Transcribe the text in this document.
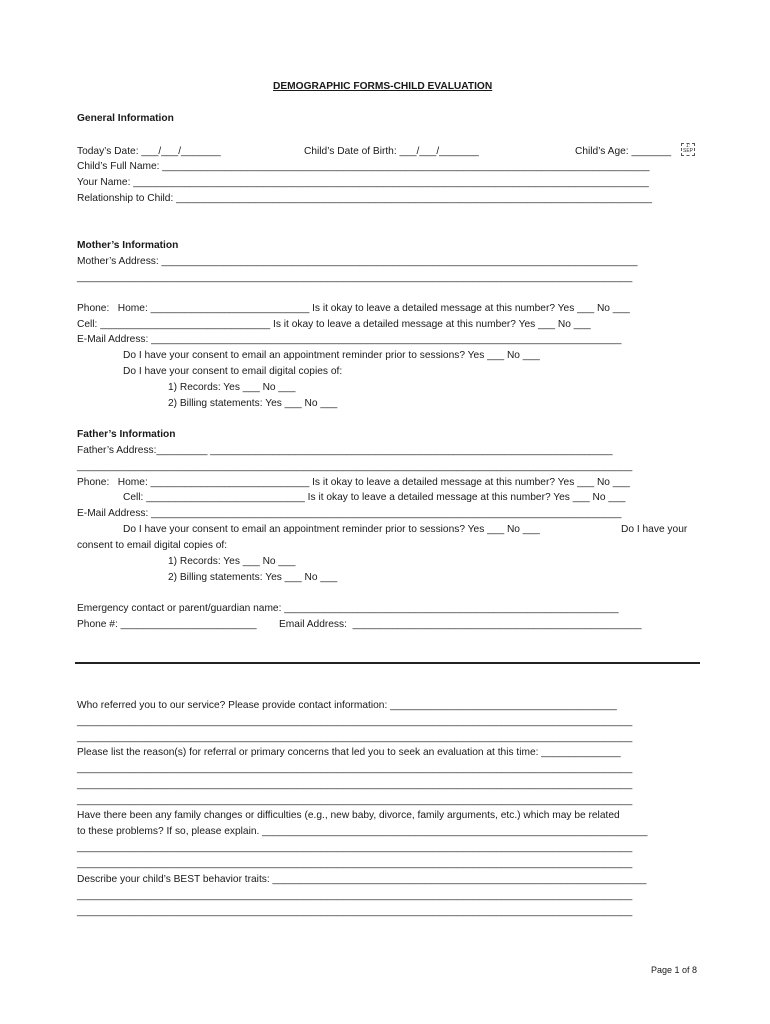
DEMOGRAPHIC FORMS-CHILD EVALUATION
General Information
Today’s Date: ___/___/_______	Child’s Date of Birth: ___/___/_______	Child’s Age: _______	1: SEP
Child’s Full Name: ______________________________________________________________________________________
Your Name: ___________________________________________________________________________________________
Relationship to Child: ____________________________________________________________________________________
Mother’s Information
Mother’s Address: ____________________________________________________________________________________
__________________________________________________________________________________________________
Phone:   Home: ____________________________ Is it okay to leave a detailed message at this number? Yes ___ No ___
Cell: ______________________________ Is it okay to leave a detailed message at this number? Yes ___ No ___
E-Mail Address: ___________________________________________________________________________________
Do I have your consent to email an appointment reminder prior to sessions? Yes ___ No ___
Do I have your consent to email digital copies of:
1) Records: Yes ___ No ___
2) Billing statements: Yes ___ No ___
Father’s Information
Father’s Address:_________ _______________________________________________________________________
__________________________________________________________________________________________________
Phone:   Home: ____________________________ Is it okay to leave a detailed message at this number? Yes ___ No ___
Cell: ____________________________ Is it okay to leave a detailed message at this number? Yes ___ No ___
E-Mail Address: ___________________________________________________________________________________
Do I have your consent to email an appointment reminder prior to sessions? Yes ___ No ___	Do I have your
consent to email digital copies of:
1) Records: Yes ___ No ___
2) Billing statements: Yes ___ No ___
Emergency contact or parent/guardian name: ___________________________________________________________
Phone #: ________________________ Email Address:  ___________________________________________________
Who referred you to our service? Please provide contact information: ________________________________________
__________________________________________________________________________________________________
__________________________________________________________________________________________________
Please list the reason(s) for referral or primary concerns that led you to seek an evaluation at this time: ______________
__________________________________________________________________________________________________
__________________________________________________________________________________________________
__________________________________________________________________________________________________
Have there been any family changes or difficulties (e.g., new baby, divorce, family arguments, etc.) which may be related
to these problems? If so, please explain. ____________________________________________________________________
__________________________________________________________________________________________________
__________________________________________________________________________________________________
Describe your child’s BEST behavior traits: __________________________________________________________________
__________________________________________________________________________________________________
__________________________________________________________________________________________________
Page 1 of 8
